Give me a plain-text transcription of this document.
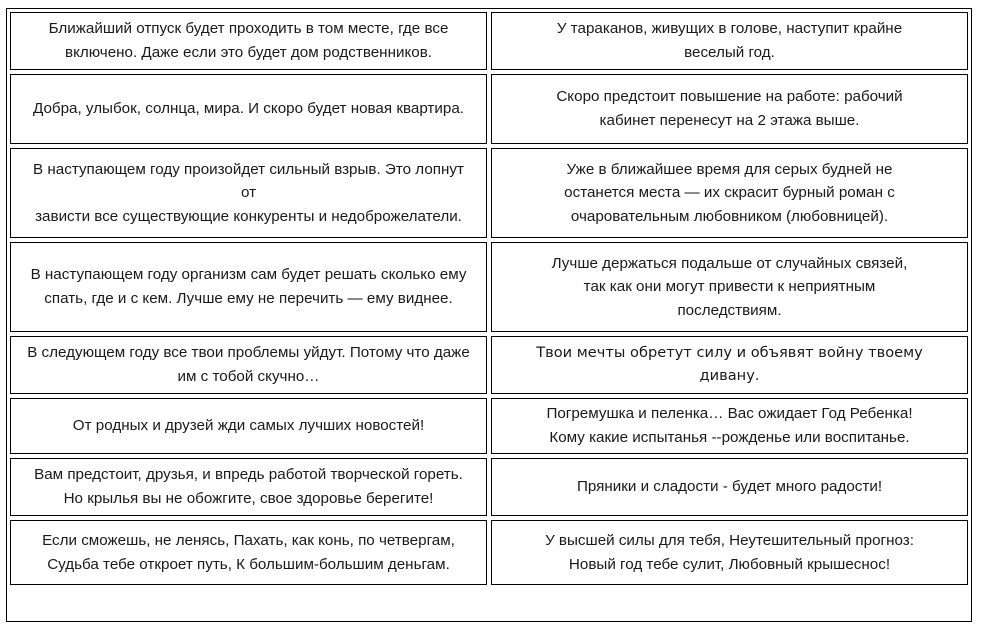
Ближайший отпуск будет проходить в том месте, где все
включено. Даже если это будет дом родственников.
У тараканов, живущих в голове, наступит крайне
веселый год.
Добра, улыбок, солнца, мира. И скоро будет новая квартира.
Скоро предстоит повышение на работе: рабочий
кабинет перенесут на 2 этажа выше.
В наступающем году произойдет сильный взрыв. Это лопнут от
зависти все существующие конкуренты и недоброжелатели.
Уже в ближайшее время для серых будней не
останется места — их скрасит бурный роман с
очаровательным любовником (любовницей).
В наступающем году организм сам будет решать сколько ему
спать, где и с кем. Лучше ему не перечить — ему виднее.
Лучше держаться подальше от случайных связей,
так как они могут привести к неприятным
последствиям.
В следующем году все твои проблемы уйдут. Потому что даже
им с тобой скучно…
Твои мечты обретут силу и объявят войну твоему
дивану.
От родных и друзей жди самых лучших новостей!
Погремушка и пеленка… Вас ожидает Год Ребенка!
Кому какие испытанья --рожденье или воспитанье.
Вам предстоит, друзья, и впредь работой творческой гореть.
Но крылья вы не обожгите, свое здоровье берегите!
Пряники и сладости - будет много радости!
Если сможешь, не ленясь, Пахать, как конь, по четвергам,
Судьба тебе откроет путь, К большим-большим деньгам.
У высшей силы для тебя, Неутешительный прогноз:
Новый год тебе сулит, Любовный крышеснос!
